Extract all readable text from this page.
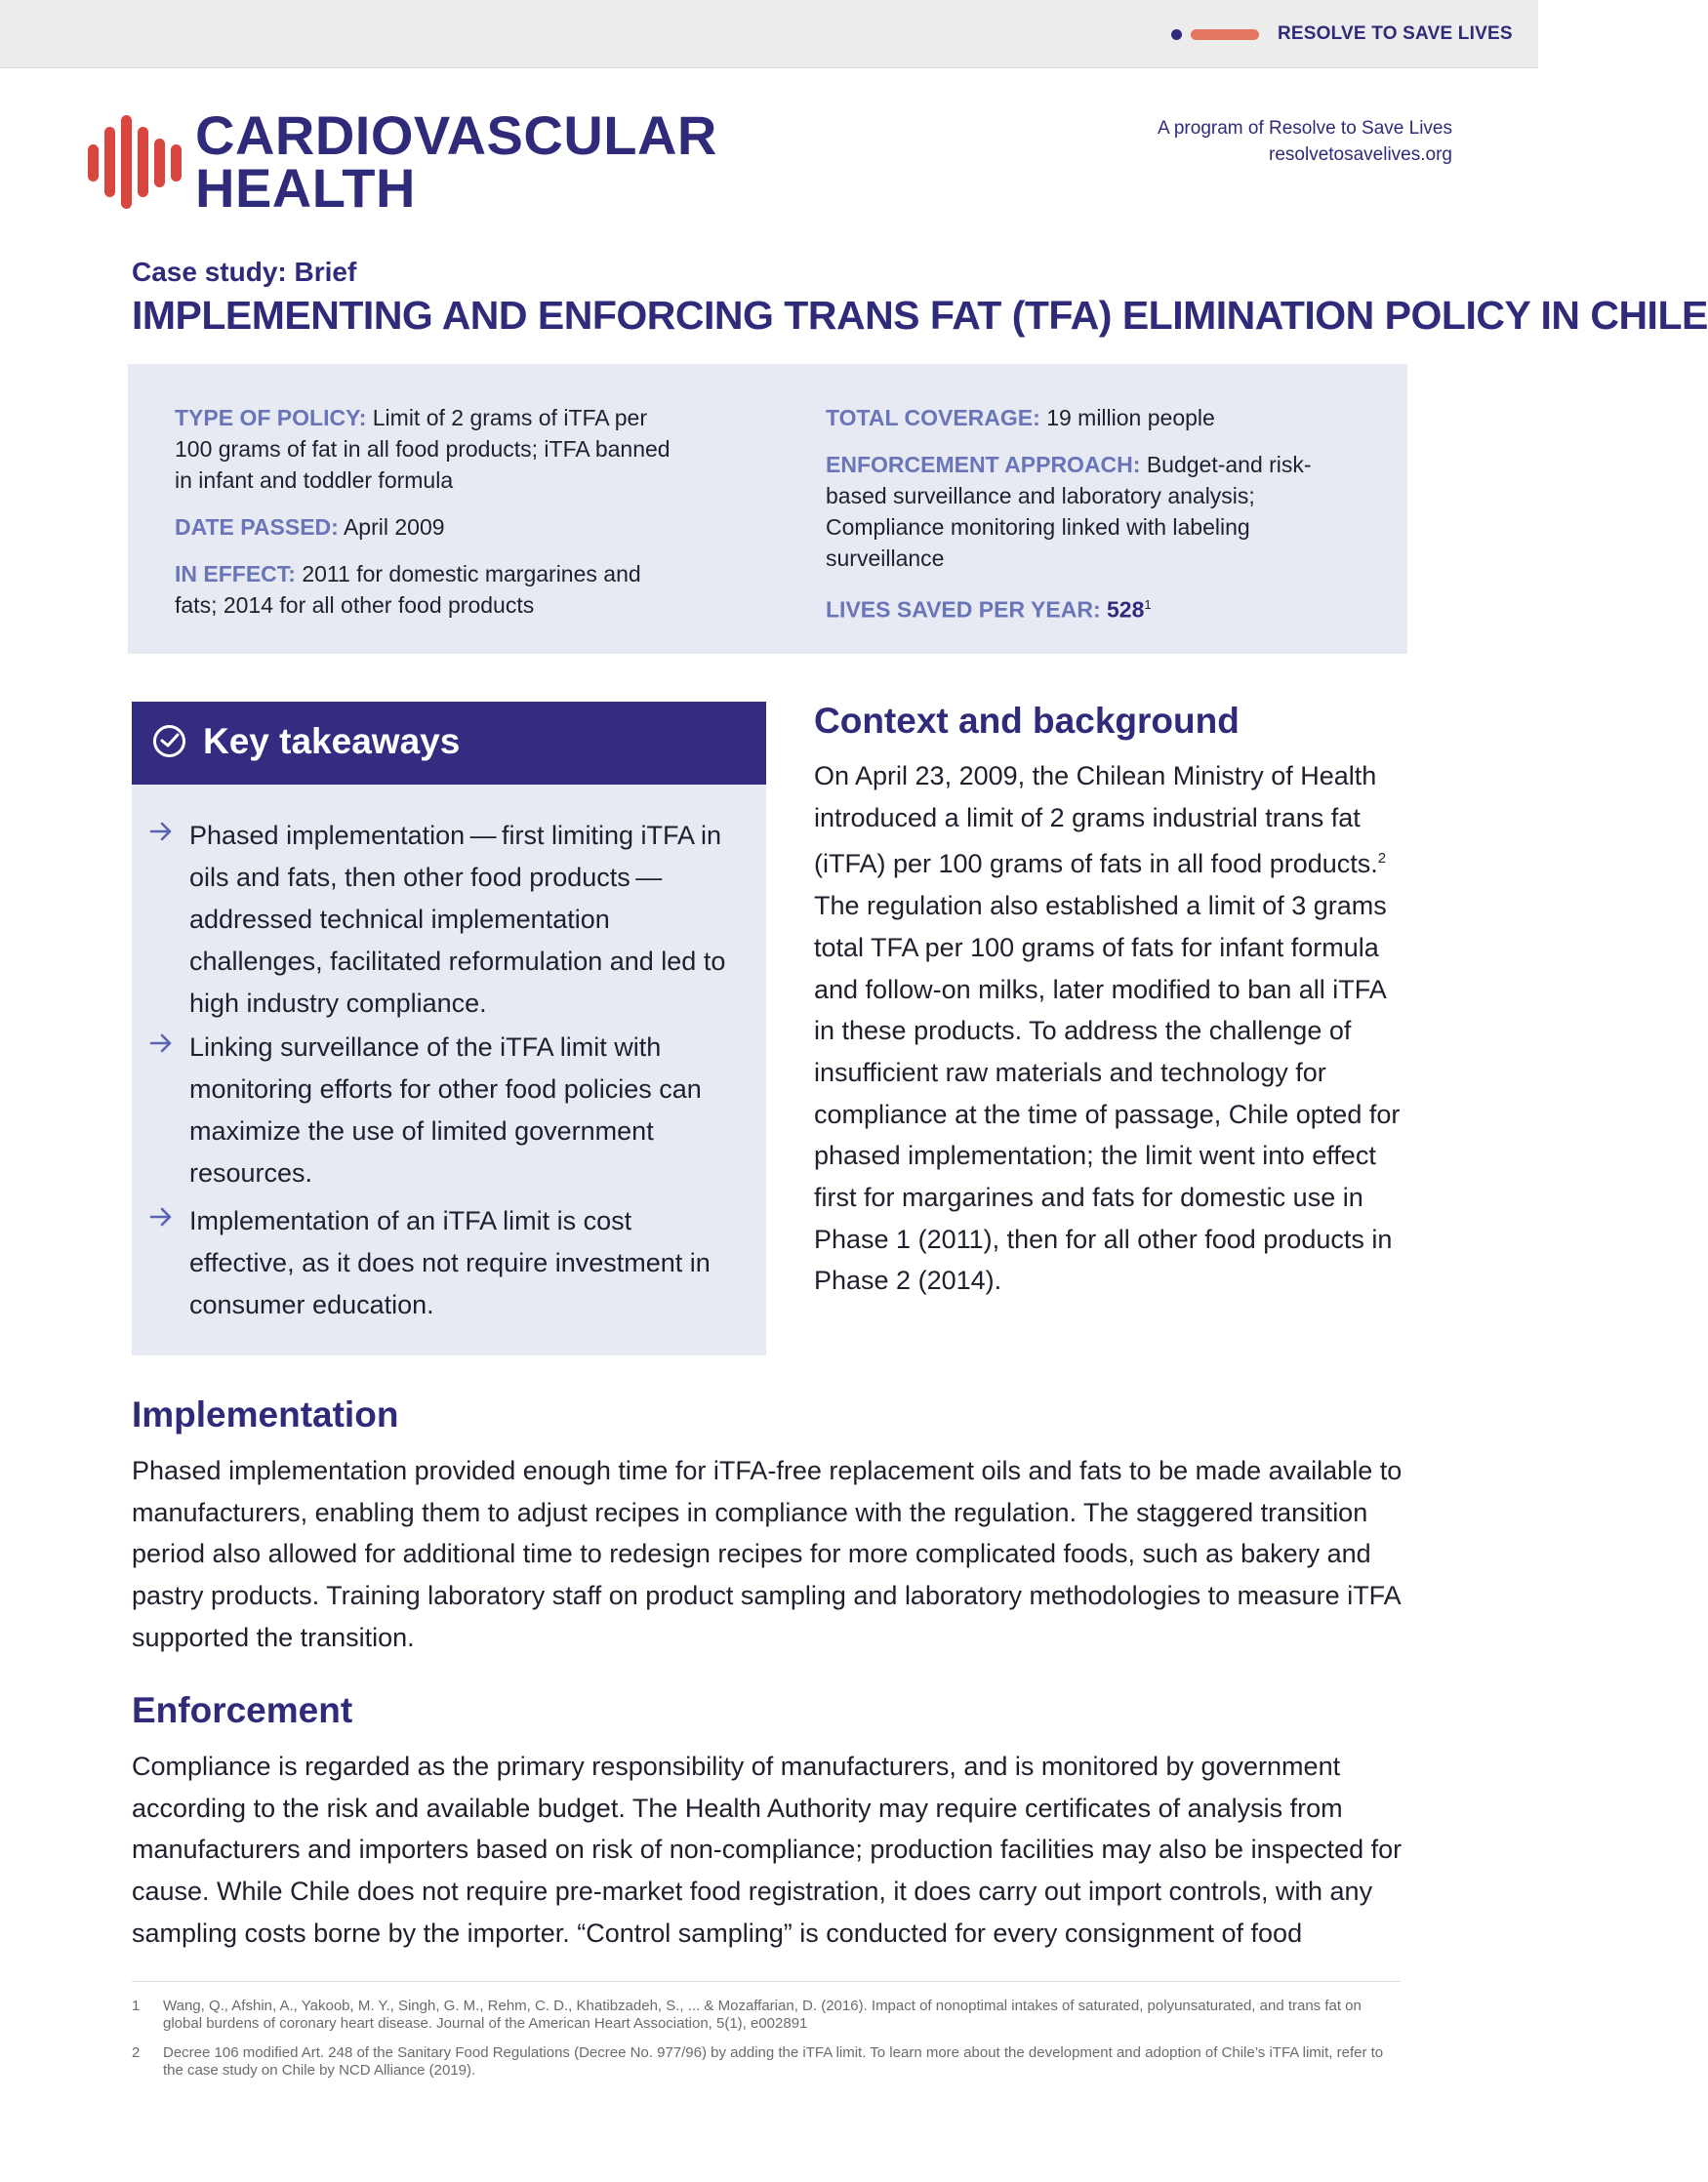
RESOLVE TO SAVE LIVES
CARDIOVASCULAR
HEALTH
A program of Resolve to Save Lives
resolvetosavelives.org
Case study: Brief
IMPLEMENTING AND ENFORCING TRANS FAT (TFA) ELIMINATION POLICY IN CHILE

TYPE OF POLICY: Limit of 2 grams of iTFA per 100 grams of fat in all food products; iTFA banned in infant and toddler formula

DATE PASSED: April 2009

IN EFFECT: 2011 for domestic margarines and fats; 2014 for all other food products

TOTAL COVERAGE: 19 million people

ENFORCEMENT APPROACH: Budget-and risk-based surveillance and laboratory analysis; Compliance monitoring linked with labeling surveillance

LIVES SAVED PER YEAR: $528^1$

Key takeaways
Phased implementation — first limiting iTFA in oils and fats, then other food products — addressed technical implementation challenges, facilitated reformulation and led to high industry compliance.
Linking surveillance of the iTFA limit with monitoring efforts for other food policies can maximize the use of limited government resources.
Implementation of an iTFA limit is cost effective, as it does not require investment in consumer education.
Context and background

On April 23, 2009, the Chilean Ministry of Health introduced a limit of 2 grams industrial trans fat (iTFA) per 100 grams of fats in all food products.$^2$ The regulation also established a limit of 3 grams total TFA per 100 grams of fats for infant formula and follow-on milks, later modified to ban all iTFA in these products. To address the challenge of insufficient raw materials and technology for compliance at the time of passage, Chile opted for phased implementation; the limit went into effect first for margarines and fats for domestic use in Phase 1 (2011), then for all other food products in Phase 2 (2014).

Implementation

Phased implementation provided enough time for iTFA-free replacement oils and fats to be made available to manufacturers, enabling them to adjust recipes in compliance with the regulation. The staggered transition period also allowed for additional time to redesign recipes for more complicated foods, such as bakery and pastry products. Training laboratory staff on product sampling and laboratory methodologies to measure iTFA supported the transition.

Enforcement

Compliance is regarded as the primary responsibility of manufacturers, and is monitored by government according to the risk and available budget. The Health Authority may require certificates of analysis from manufacturers and importers based on risk of non-compliance; production facilities may also be inspected for cause. While Chile does not require pre-market food registration, it does carry out import controls, with any sampling costs borne by the importer. “Control sampling” is conducted for every consignment of food

1 Wang, Q., Afshin, A., Yakoob, M. Y., Singh, G. M., Rehm, C. D., Khatibzadeh, S., ... & Mozaffarian, D. (2016). Impact of nonoptimal intakes of saturated, polyunsaturated, and trans fat on global burdens of coronary heart disease. Journal of the American Heart Association, 5(1), e002891
2 Decree 106 modified Art. 248 of the Sanitary Food Regulations (Decree No. 977/96) by adding the iTFA limit. To learn more about the development and adoption of Chile’s iTFA limit, refer to the case study on Chile by NCD Alliance (2019).
